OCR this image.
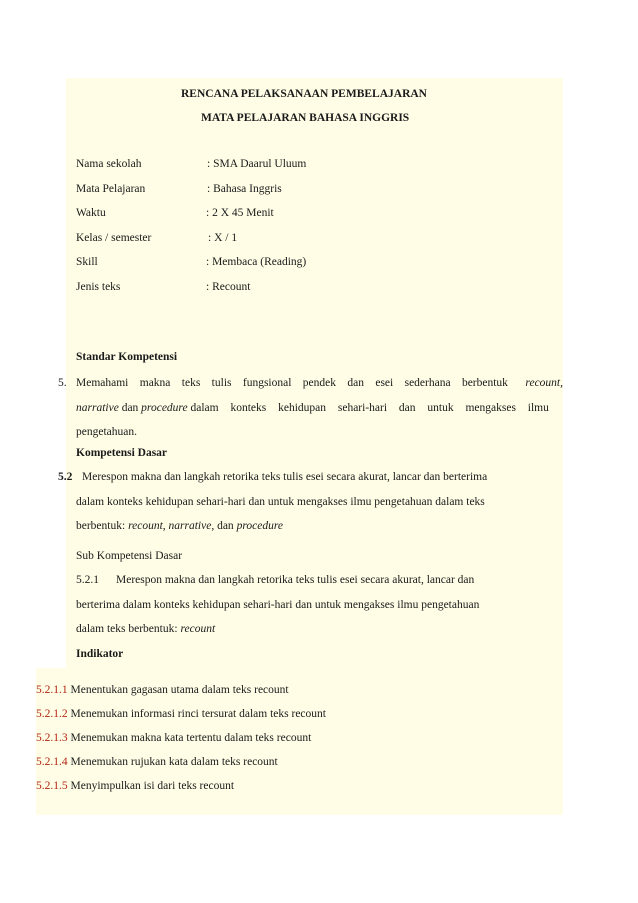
RENCANA PELAKSANAAN PEMBELAJARAN
MATA PELAJARAN BAHASA INGGRIS
Nama sekolah	: SMA Daarul Uluum
Mata Pelajaran	: Bahasa Inggris
Waktu	: 2 X 45 Menit
Kelas / semester	: X / 1
Skill	: Membaca (Reading)
Jenis teks	: Recount
Standar Kompetensi
5. Memahami makna teks tulis fungsional pendek dan esei sederhana berbentuk recount,
narrative dan procedure dalam konteks kehidupan sehari-hari dan untuk mengakses ilmu
pengetahuan.
Kompetensi Dasar
5.2 Merespon makna dan langkah retorika teks tulis esei secara akurat, lancar dan berterima
dalam konteks kehidupan sehari-hari dan untuk mengakses ilmu pengetahuan dalam teks
berbentuk: recount, narrative, dan procedure
Sub Kompetensi Dasar
5.2.1 Merespon makna dan langkah retorika teks tulis esei secara akurat, lancar dan
berterima dalam konteks kehidupan sehari-hari dan untuk mengakses ilmu pengetahuan
dalam teks berbentuk: recount
Indikator
5.2.1.1 Menentukan gagasan utama dalam teks recount
5.2.1.2 Menemukan informasi rinci tersurat dalam teks recount
5.2.1.3 Menemukan makna kata tertentu dalam teks recount
5.2.1.4 Menemukan rujukan kata dalam teks recount
5.2.1.5 Menyimpulkan isi dari teks recount
